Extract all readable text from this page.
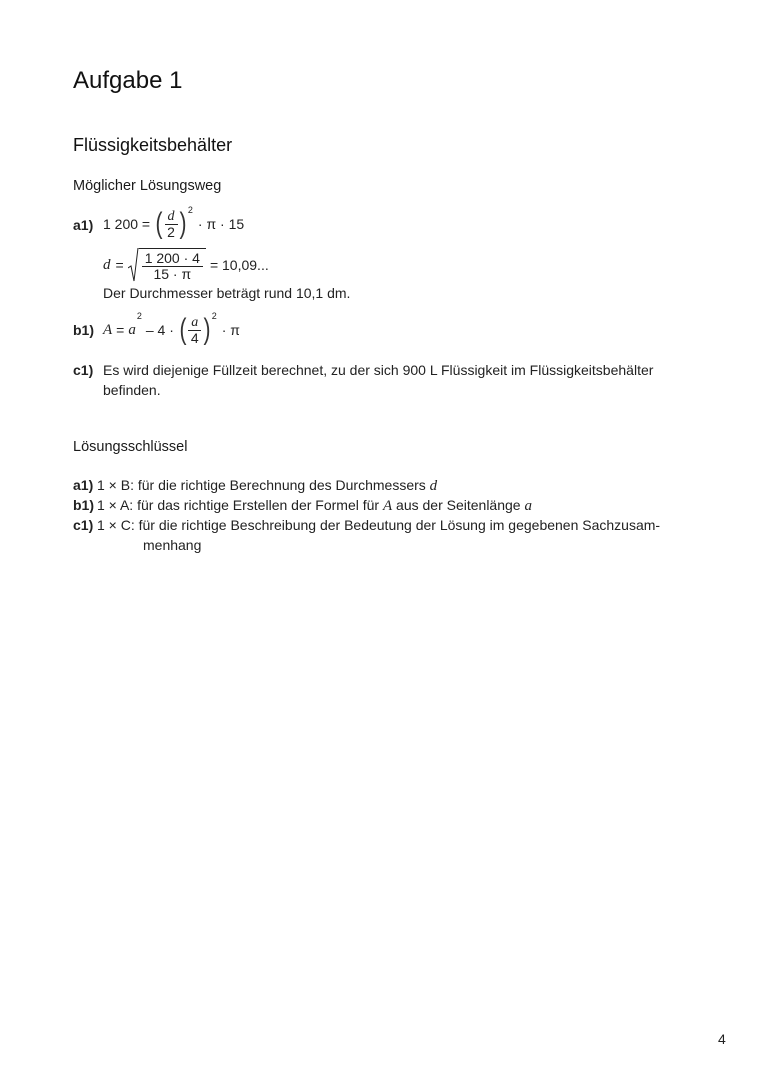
Aufgabe 1
Flüssigkeitsbehälter
Möglicher Lösungsweg
a1) 1 200 = ( $\frac{d}{2}$ ) 2
· π · 15
$d = \frac{1 200 \cdot 4}{15 \cdot \pi} = 10,09$...
Der Durchmesser beträgt rund 10,1 dm.
b1) A = a
2
– 4 · ( $\frac{a}{4}$ ) 2
· π
c1) Es wird diejenige Füllzeit berechnet, zu der sich 900 L Flüssigkeit im Flüssigkeitsbehälter
befinden.
Lösungsschlüssel
a1) 1 × B: für die richtige Berechnung des Durchmessers d
b1) 1 × A: für das richtige Erstellen der Formel für A aus der Seitenlänge a
c1) 1 × C: für die richtige Beschreibung der Bedeutung der Lösung im gegebenen Sachzusam-
menhang
4
